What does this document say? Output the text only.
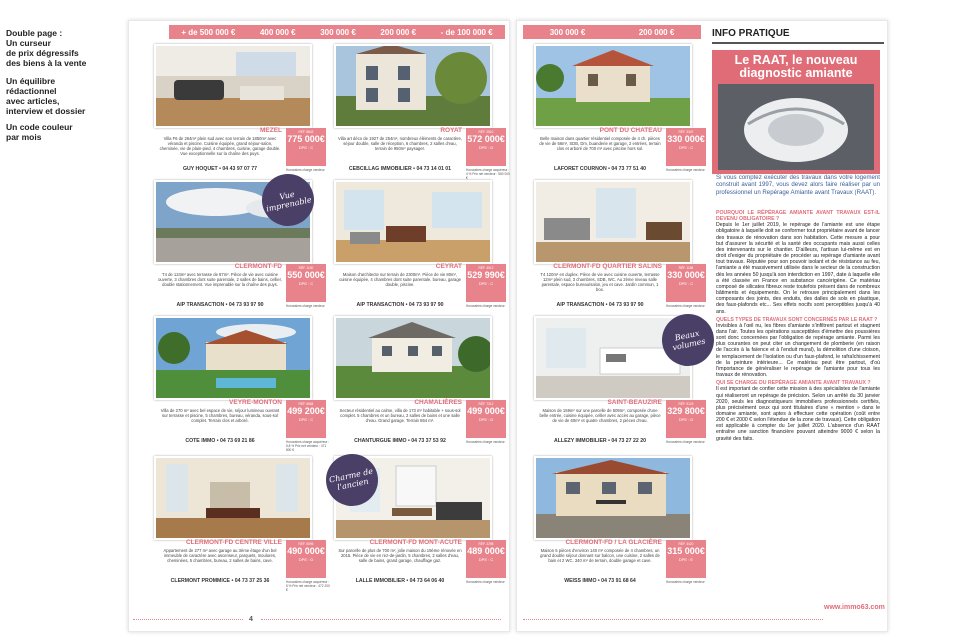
Double page :
Un curseur
de prix dégressifs
des biens à la vente
Un équilibre
rédactionnel
avec articles,
interview et dossier
Un code couleur
par mois
+ de 500 000 €	400 000 €	300 000 €	200 000 €	- de 100 000 €
4
300 000 €	200 000 €
MEZEL
Villa F6 de 264m² plein sud avec son terrain de 1850m² avec véranda et piscine. Cuisine équipée, grand séjour-salon, cheminée, vie de plain-pied, 4 chambres, cuisine, garage double. Vue exceptionnelle sur la chaîne des puys.
GUY HOQUET • 04 43 97 07 77
RÉF. 8842
775 000€
DPE : C
Honoraires charge vendeur
ROYAT
Villa art déco de 1927 de 254m², nombreux éléments de caractère, séjour double, salle de réception, 6 chambres, 2 salles d'eau, terrain de 950m² paysager.
CEBCILLAG IMMOBILIER • 04 73 14 01 01
RÉF. 2510
572 000€
DPE : D
Honoraires charge acquéreur : 4 % Prix net vendeur : 550 000 €
CLERMONT-FD
T4 de 124m² avec terrasse de 87m². Pièce de vie avec cuisine ouverte, 3 chambres dont suite parentale, 2 salles de bains, cellier, double stationnement. Vue imprenable sur la chaîne des puys.
AIP TRANSACTION • 04 73 93 97 90
RÉF. 1130
550 000€
DPE : C
Honoraires charge vendeur
CEYRAT
Maison d'architecte sur terrain de 2300m². Pièce de vie 80m², cuisine équipée, 4 chambres dont suite parentale, bureau, garage double, piscine.
AIP TRANSACTION • 04 73 93 97 90
RÉF. 4012
529 990€
DPE : C
Honoraires charge vendeur
VEYRE-MONTON
Villa de 270 m² avec bel espace de vie, séjour lumineux ouvrant sur terrasse et piscine, 5 chambres, bureau, véranda, sous-sol complet. Terrain clos et arboré.
COTE IMMO • 04 73 69 21 86
RÉF. 6684
499 200€
DPE : C
Honoraires charge acquéreur : 5,8 % Prix net vendeur : 471 800 €
CHAMALIÈRES
Secteur résidentiel au calme, villa de 173 m² habitable + sous-sol complet. 5 chambres et un bureau, 2 salles de bains et une salle d'eau. Grand garage. Terrain 864 m².
CHANTURGUE IMMO • 04 73 37 53 92
RÉF. 7312
499 000€
DPE : D
Honoraires charge vendeur
CLERMONT-FD CENTRE VILLE
Appartement de 277 m² avec garage au 3ème étage d'un bel immeuble de caractère avec ascenseur, parquets, moulures, cheminées, 5 chambres, bureau, 2 salles de bains, cave.
CLERMONT PROMMICE • 04 73 37 25 36
RÉF. 5096
490 000€
DPE : D
Honoraires charge acquéreur : 5 % Prix net vendeur : 472 200 €
CLERMONT-FD MONT-ACUTE
Sur parcelle de plus de 700 m², jolie maison du 19ème rénovée en 2015. Pièce de vie en rez-de-jardin, 5 chambres, 2 salles d'eau, salle de bains, grand garage, chauffage gaz.
LALLE IMMOBILIER • 04 73 64 06 40
RÉF. 2298
489 000€
DPE : C
Honoraires charge vendeur
PONT DU CHATEAU
Belle maison dans quartier résidentiel composée de 4 ch. pièces de vie de 56m², SDB, Dm, buanderie et garage, 2 entrées, terrain clos et arboré de 700 m² avec piscine hors sol.
LAFORET COURNON • 04 73 77 51 40
RÉF. 3347
330 000€
DPE : C
Honoraires charge vendeur
CLERMONT-FD QUARTIER SALINS
T4 120m² en duplex. Pièce de vie avec cuisine ouverte, terrasse 12m² plein sud, 3 chambres, SDB, WC. Au 2ème niveau salle parentale, espace bureau/salon, jeu et cave. Jardin commun, 1 box.
AIP TRANSACTION • 04 73 93 97 90
RÉF. 1188
330 000€
DPE : C
Honoraires charge vendeur
SAINT-BEAUZIRE
Maison de 159m² sur une parcelle de 609m², composée d'une belle entrée, cuisine équipée, cellier avec accès au garage, pièce de vie de 60m² et quatre chambres, 2 pièces d'eau.
ALLEZY IMMOBILIER • 04 73 27 22 20
RÉF. 9123
329 800€
DPE : D
Honoraires charge vendeur
CLERMONT-FD / LA GLACIÈRE
Maison 5 pièces d'environ 140 m² composée de 4 chambres, un grand double séjour donnant sur balcon, une cuisine, 2 salles de bain et 2 WC. 340 m² de terrain, double garage et cave.
WEISS IMMO • 04 73 91 68 64
RÉF. 4420
315 000€
DPE : E
Honoraires charge vendeur
Vue imprenable
Charme de l'ancien
Beaux volumes
INFO PRATIQUE
Le RAAT, le nouveau diagnostic amiante
Si vous comptez exécuter des travaux dans votre logement construit avant 1997, vous devez alors faire réaliser par un professionnel un Repérage Amiante avant Travaux (RAAT).
POURQUOI LE RÉPÉRAGE AMIANTE AVANT TRAVAUX EST-IL DEVENU OBLIGATOIRE ?
Depuis le 1er juillet 2019, le repérage de l'amiante est une étape obligatoire à laquelle doit se conformer tout propriétaire avant de lancer des travaux de rénovation dans son habitation. Cette mesure a pour but d'assurer la sécurité et la santé des occupants mais aussi celles des intervenants sur le chantier. D'ailleurs, l'artisan lui-même est en droit d'exiger du propriétaire de procéder au repérage d'amiante avant tout travaux. Réputée pour son pouvoir isolant et de résistance au feu, l'amiante a été massivement utilisée dans le secteur de la construction dès les années 50 jusqu'à son interdiction en 1997, date à laquelle elle a été classée en France en substance cancérigène. Ce matériau composé de silicates fibreux reste toutefois présent dans de nombreux bâtiments et équipements. On le retrouve principalement dans les composants des joints, des enduits, des dalles de sols en plastique, des faux-plafonds etc... Ses effets nocifs sont perceptibles jusqu'à 40 ans.
QUELS TYPES DE TRAVAUX SONT CONCERNÉS PAR LE RAAT ?
Invisibles à l'œil nu, les fibres d'amiante s'infiltrent partout et stagnent dans l'air. Toutes les opérations susceptibles d'émettre des poussières sont donc concernées par l'obligation de repérage amiante. Parmi les plus courantes on peut citer un changement de plomberie (en raison de l'accès à la faïence et à l'enduit mural), la démolition d'une cloison, le remplacement de l'isolation ou d'un faux-plafond, le rafraîchissement de la peinture intérieure... Ce matériau peut être partout, d'où l'importance de généraliser le repérage de l'amiante pour tous les travaux de rénovation.
QUI SE CHARGE DU REPÉRAGE AMIANTE AVANT TRAVAUX ?
Il est important de confier cette mission à des spécialistes de l'amiante qui réaliseront un repérage de précision. Selon un arrêté du 30 janvier 2020, seuls les diagnostiqueurs immobiliers professionnels certifiés, plus précisément ceux qui sont titulaires d'une « mention » dans le domaine amiante, sont aptes à effectuer cette opération (coût entre 200 € et 2000 € selon l'étendue de la zone de travaux). Cette obligation est applicable à compter du 1er juillet 2020. L'absence d'un RAAT entraîne une sanction financière pouvant atteindre 9000 € selon la gravité des faits.
www.immo63.com
